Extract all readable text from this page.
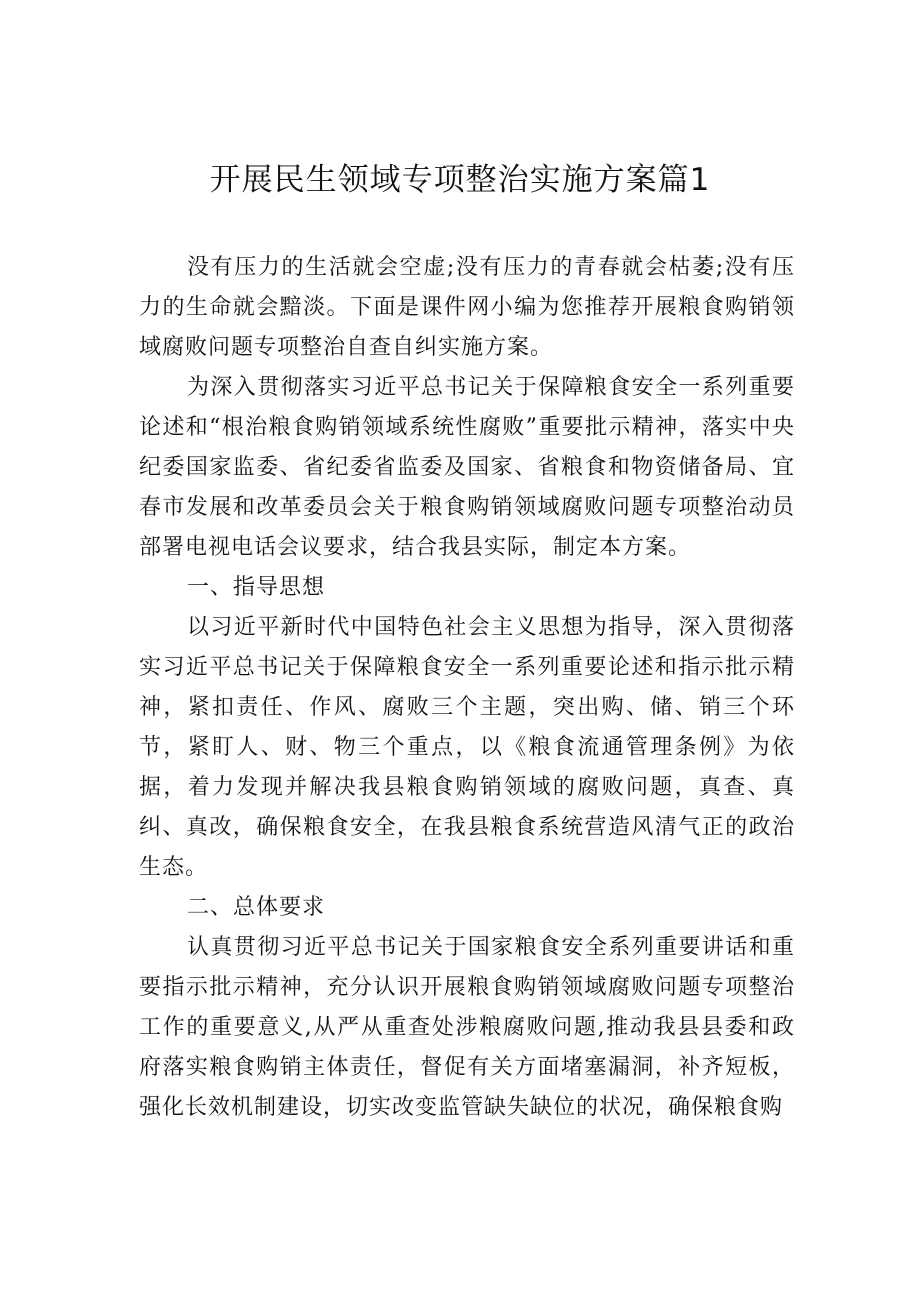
开展民生领域专项整治实施方案篇1

没有压力的生活就会空虚;没有压力的青春就会枯萎;没有压力的生命就会黯淡。下面是课件网小编为您推荐开展粮食购销领域腐败问题专项整治自查自纠实施方案。

为深入贯彻落实习近平总书记关于保障粮食安全一系列重要论述和“根治粮食购销领域系统性腐败”重要批示精神，落实中央纪委国家监委、省纪委省监委及国家、省粮食和物资储备局、宜春市发展和改革委员会关于粮食购销领域腐败问题专项整治动员部署电视电话会议要求，结合我县实际，制定本方案。

一、指导思想

以习近平新时代中国特色社会主义思想为指导，深入贯彻落实习近平总书记关于保障粮食安全一系列重要论述和指示批示精神，紧扣责任、作风、腐败三个主题，突出购、储、销三个环节，紧盯人、财、物三个重点，以《粮食流通管理条例》为依据，着力发现并解决我县粮食购销领域的腐败问题，真查、真纠、真改，确保粮食安全，在我县粮食系统营造风清气正的政治生态。

二、总体要求

认真贯彻习近平总书记关于国家粮食安全系列重要讲话和重要指示批示精神，充分认识开展粮食购销领域腐败问题专项整治工作的重要意义,从严从重查处涉粮腐败问题,推动我县县委和政府落实粮食购销主体责任，督促有关方面堵塞漏洞，补齐短板，强化长效机制建设，切实改变监管缺失缺位的状况，确保粮食购
